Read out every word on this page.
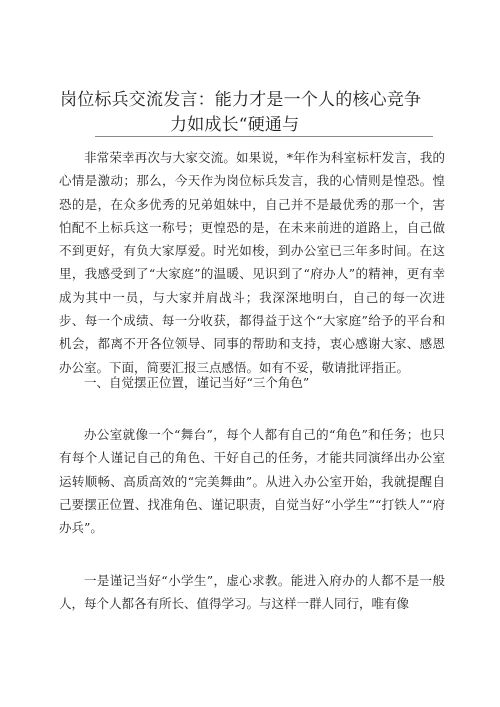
岗位标兵交流发言：能力才是一个人的核心竞争
力如成长“硬通与

非常荣幸再次与大家交流。如果说，*年作为科室标杆发言，我的心情是激动；那么，今天作为岗位标兵发言，我的心情则是惶恐。惶恐的是，在众多优秀的兄弟姐妹中，自己并不是最优秀的那一个，害怕配不上标兵这一称号；更惶恐的是，在未来前进的道路上，自己做不到更好，有负大家厚爱。时光如梭，到办公室已三年多时间。在这里，我感受到了“大家庭”的温暖、见识到了“府办人”的精神，更有幸成为其中一员，与大家并肩战斗；我深深地明白，自己的每一次进步、每一个成绩、每一分收获，都得益于这个“大家庭”给予的平台和机会，都离不开各位领导、同事的帮助和支持，衷心感谢大家、感恩办公室。下面，简要汇报三点感悟。如有不妥，敬请批评指正。

一、自觉摆正位置，谨记当好“三个角色”

办公室就像一个“舞台”，每个人都有自己的“角色”和任务；也只有每个人谨记自己的角色、干好自己的任务，才能共同演绎出办公室运转顺畅、高质高效的“完美舞曲”。从进入办公室开始，我就提醒自己要摆正位置、找准角色、谨记职责，自觉当好“小学生”“打铁人”“府办兵”。

一是谨记当好“小学生”，虚心求教。能进入府办的人都不是一般人，每个人都各有所长、值得学习。与这样一群人同行，唯有像
